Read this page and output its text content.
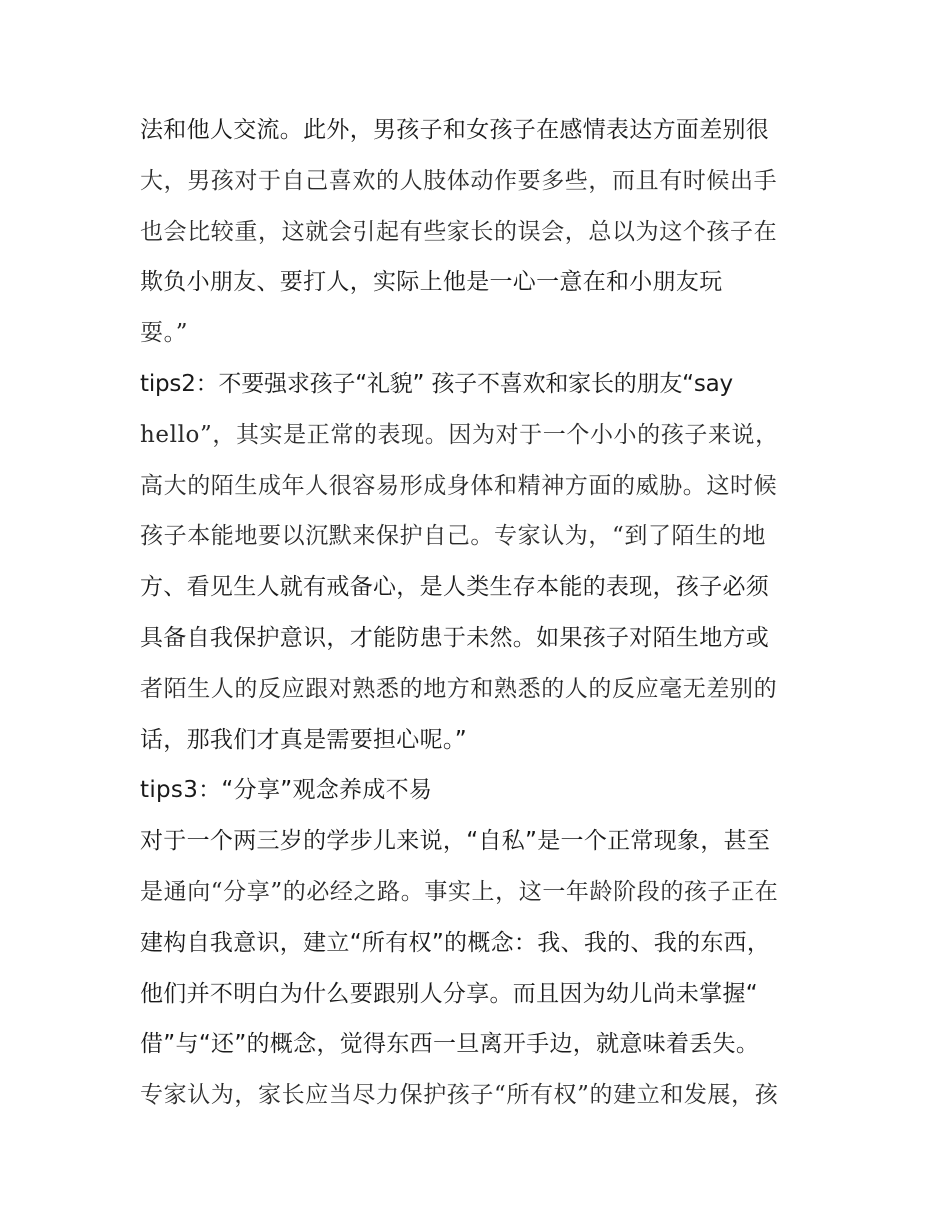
法和他人交流。此外，男孩子和女孩子在感情表达方面差别很
大，男孩对于自己喜欢的人肢体动作要多些，而且有时候出手
也会比较重，这就会引起有些家长的误会，总以为这个孩子在
欺负小朋友、要打人，实际上他是一心一意在和小朋友玩
耍。”
tips2：不要强求孩子“礼貌” 孩子不喜欢和家长的朋友“say
hello”，其实是正常的表现。因为对于一个小小的孩子来说，
高大的陌生成年人很容易形成身体和精神方面的威胁。这时候
孩子本能地要以沉默来保护自己。专家认为，“到了陌生的地
方、看见生人就有戒备心，是人类生存本能的表现，孩子必须
具备自我保护意识，才能防患于未然。如果孩子对陌生地方或
者陌生人的反应跟对熟悉的地方和熟悉的人的反应毫无差别的
话，那我们才真是需要担心呢。”
tips3：“分享”观念养成不易
对于一个两三岁的学步儿来说，“自私”是一个正常现象，甚至
是通向“分享”的必经之路。事实上，这一年龄阶段的孩子正在
建构自我意识，建立“所有权”的概念：我、我的、我的东西，
他们并不明白为什么要跟别人分享。而且因为幼儿尚未掌握“
借”与“还”的概念，觉得东西一旦离开手边，就意味着丢失。
专家认为，家长应当尽力保护孩子“所有权”的建立和发展，孩
